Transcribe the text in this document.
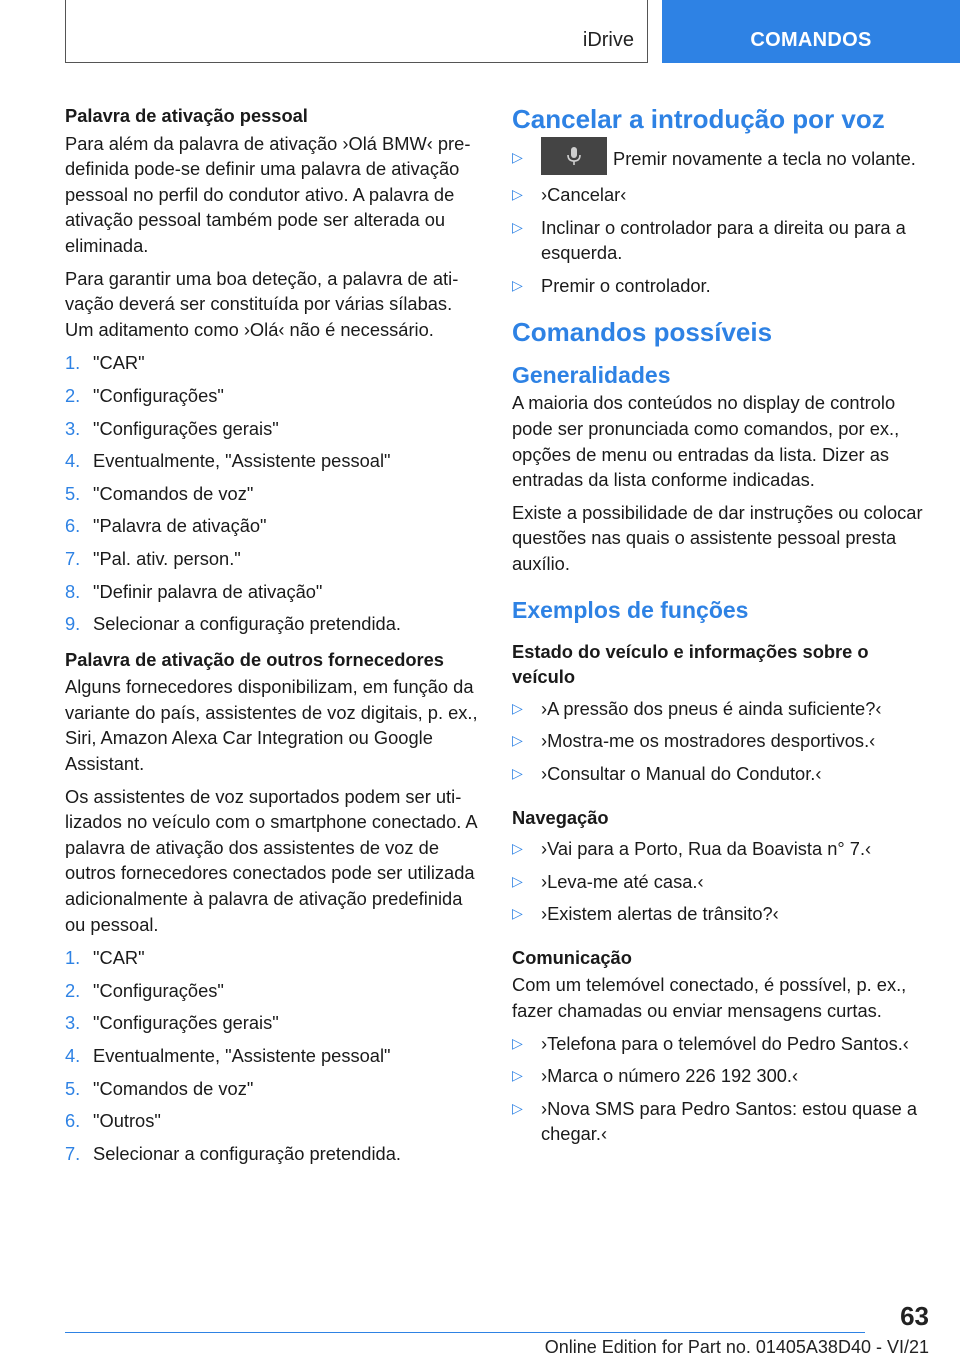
iDrive	COMANDOS
Palavra de ativação pessoal

Para além da palavra de ativação ›Olá BMW‹ predefinida pode-se definir uma palavra de ativação pessoal no perfil do condutor ativo. A palavra de ativação pessoal também pode ser alterada ou eliminada.

Para garantir uma boa deteção, a palavra de ativação deverá ser constituída por várias sílabas. Um aditamento como ›Olá‹ não é necessário.

1. "CAR"
2. "Configurações"
3. "Configurações gerais"
4. Eventualmente, "Assistente pessoal"
5. "Comandos de voz"
6. "Palavra de ativação"
7. "Pal. ativ. person."
8. "Definir palavra de ativação"
9. Selecionar a configuração pretendida.
Palavra de ativação de outros fornecedores

Alguns fornecedores disponibilizam, em função da variante do país, assistentes de voz digitais, p. ex., Siri, Amazon Alexa Car Integration ou Google Assistant.

Os assistentes de voz suportados podem ser utilizados no veículo com o smartphone conectado. A palavra de ativação dos assistentes de voz de outros fornecedores conectados pode ser utilizada adicionalmente à palavra de ativação predefinida ou pessoal.

1. "CAR"
2. "Configurações"
3. "Configurações gerais"
4. Eventualmente, "Assistente pessoal"
5. "Comandos de voz"
6. "Outros"
7. Selecionar a configuração pretendida.
Cancelar a introdução por voz
▷	Premir novamente a tecla no volante.
▷ ›Cancelar‹
▷ Inclinar o controlador para a direita ou para a esquerda.
▷ Premir o controlador.
Comandos possíveis
Generalidades

A maioria dos conteúdos no display de controlo pode ser pronunciada como comandos, por ex., opções de menu ou entradas da lista. Dizer as entradas da lista conforme indicadas.

Existe a possibilidade de dar instruções ou colocar questões nas quais o assistente pessoal presta auxílio.

Exemplos de funções
Estado do veículo e informações sobre o veículo
▷ ›A pressão dos pneus é ainda suficiente?‹
▷ ›Mostra-me os mostradores desportivos.‹
▷ ›Consultar o Manual do Condutor.‹
Navegação
▷ ›Vai para a Porto, Rua da Boavista n° 7.‹
▷ ›Leva-me até casa.‹
▷ ›Existem alertas de trânsito?‹
Comunicação

Com um telemóvel conectado, é possível, p. ex., fazer chamadas ou enviar mensagens curtas.

▷ ›Telefona para o telemóvel do Pedro Santos.‹
▷ ›Marca o número 226 192 300.‹
▷ ›Nova SMS para Pedro Santos: estou quase a chegar.‹
63
Online Edition for Part no. 01405A38D40 - VI/21
